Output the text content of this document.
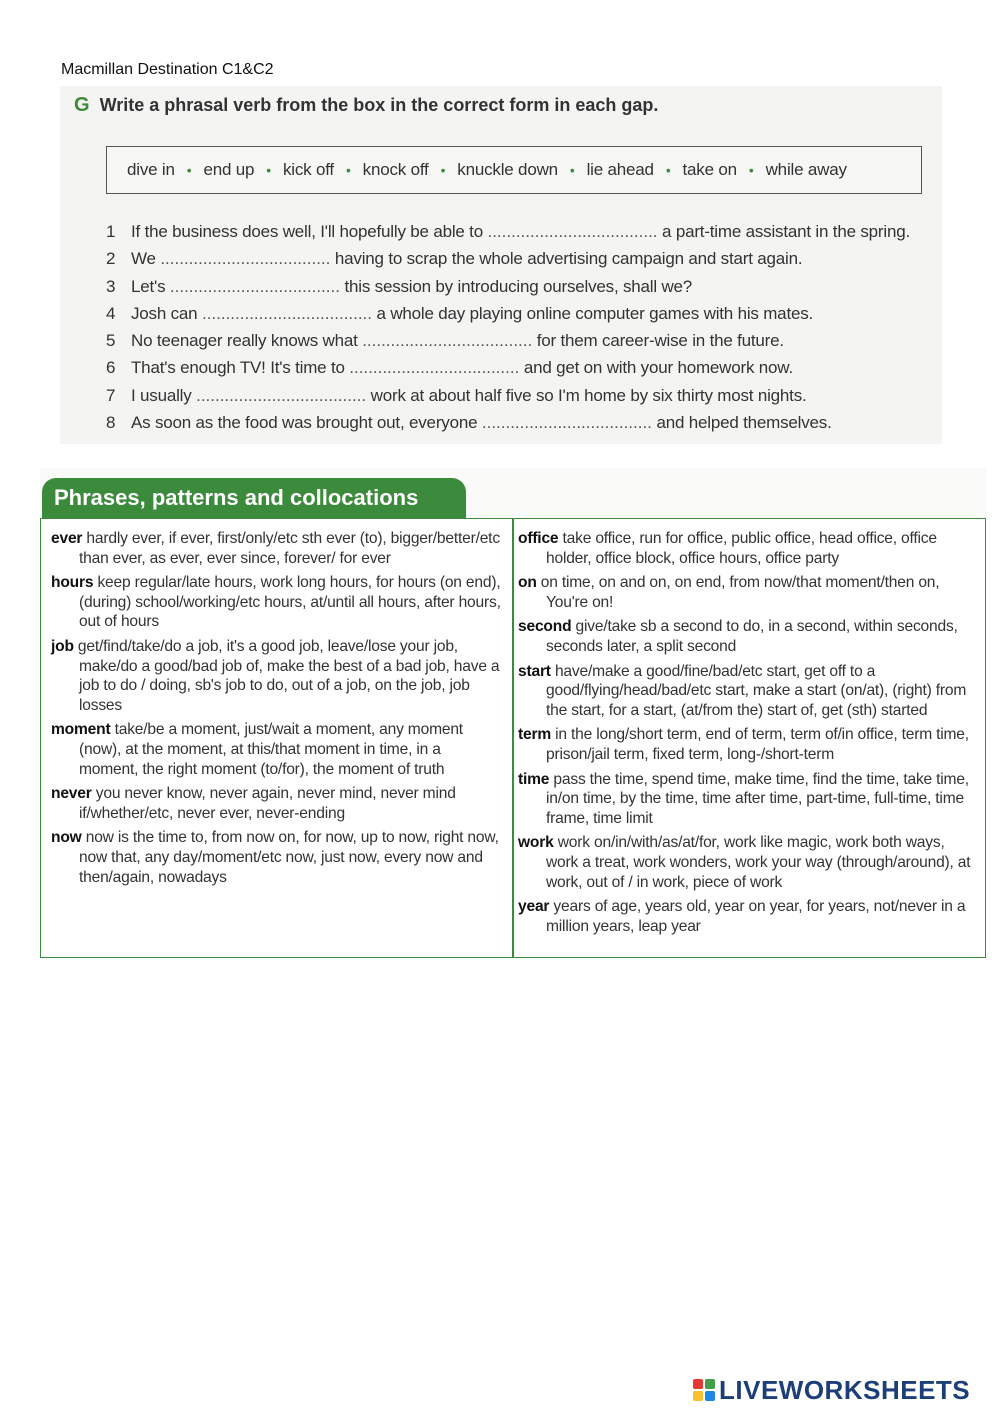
Macmillan Destination C1&C2
G Write a phrasal verb from the box in the correct form in each gap.
dive in • end up • kick off • knock off • knuckle down • lie ahead • take on • while away
1 If the business does well, I'll hopefully be able to .................................... a part-time assistant in the spring.
2 We .................................... having to scrap the whole advertising campaign and start again.
3 Let's .................................... this session by introducing ourselves, shall we?
4 Josh can .................................... a whole day playing online computer games with his mates.
5 No teenager really knows what .................................... for them career-wise in the future.
6 That's enough TV! It's time to .................................... and get on with your homework now.
7 I usually .................................... work at about half five so I'm home by six thirty most nights.
8 As soon as the food was brought out, everyone .................................... and helped themselves.
Phrases, patterns and collocations
ever hardly ever, if ever, first/only/etc sth ever (to), bigger/better/etc than ever, as ever, ever since, forever/ for ever
hours keep regular/late hours, work long hours, for hours (on end), (during) school/working/etc hours, at/until all hours, after hours, out of hours
job get/find/take/do a job, it's a good job, leave/lose your job, make/do a good/bad job of, make the best of a bad job, have a job to do / doing, sb's job to do, out of a job, on the job, job losses
moment take/be a moment, just/wait a moment, any moment (now), at the moment, at this/that moment in time, in a moment, the right moment (to/for), the moment of truth
never you never know, never again, never mind, never mind if/whether/etc, never ever, never-ending
now now is the time to, from now on, for now, up to now, right now, now that, any day/moment/etc now, just now, every now and then/again, nowadays
office take office, run for office, public office, head office, office holder, office block, office hours, office party
on on time, on and on, on end, from now/that moment/then on, You're on!
second give/take sb a second to do, in a second, within seconds, seconds later, a split second
start have/make a good/fine/bad/etc start, get off to a good/flying/head/bad/etc start, make a start (on/at), (right) from the start, for a start, (at/from the) start of, get (sth) started
term in the long/short term, end of term, term of/in office, term time, prison/jail term, fixed term, long-/short-term
time pass the time, spend time, make time, find the time, take time, in/on time, by the time, time after time, part-time, full-time, time frame, time limit
work work on/in/with/as/at/for, work like magic, work both ways, work a treat, work wonders, work your way (through/around), at work, out of / in work, piece of work
year years of age, years old, year on year, for years, not/never in a million years, leap year
LIVEWORKSHEETS
